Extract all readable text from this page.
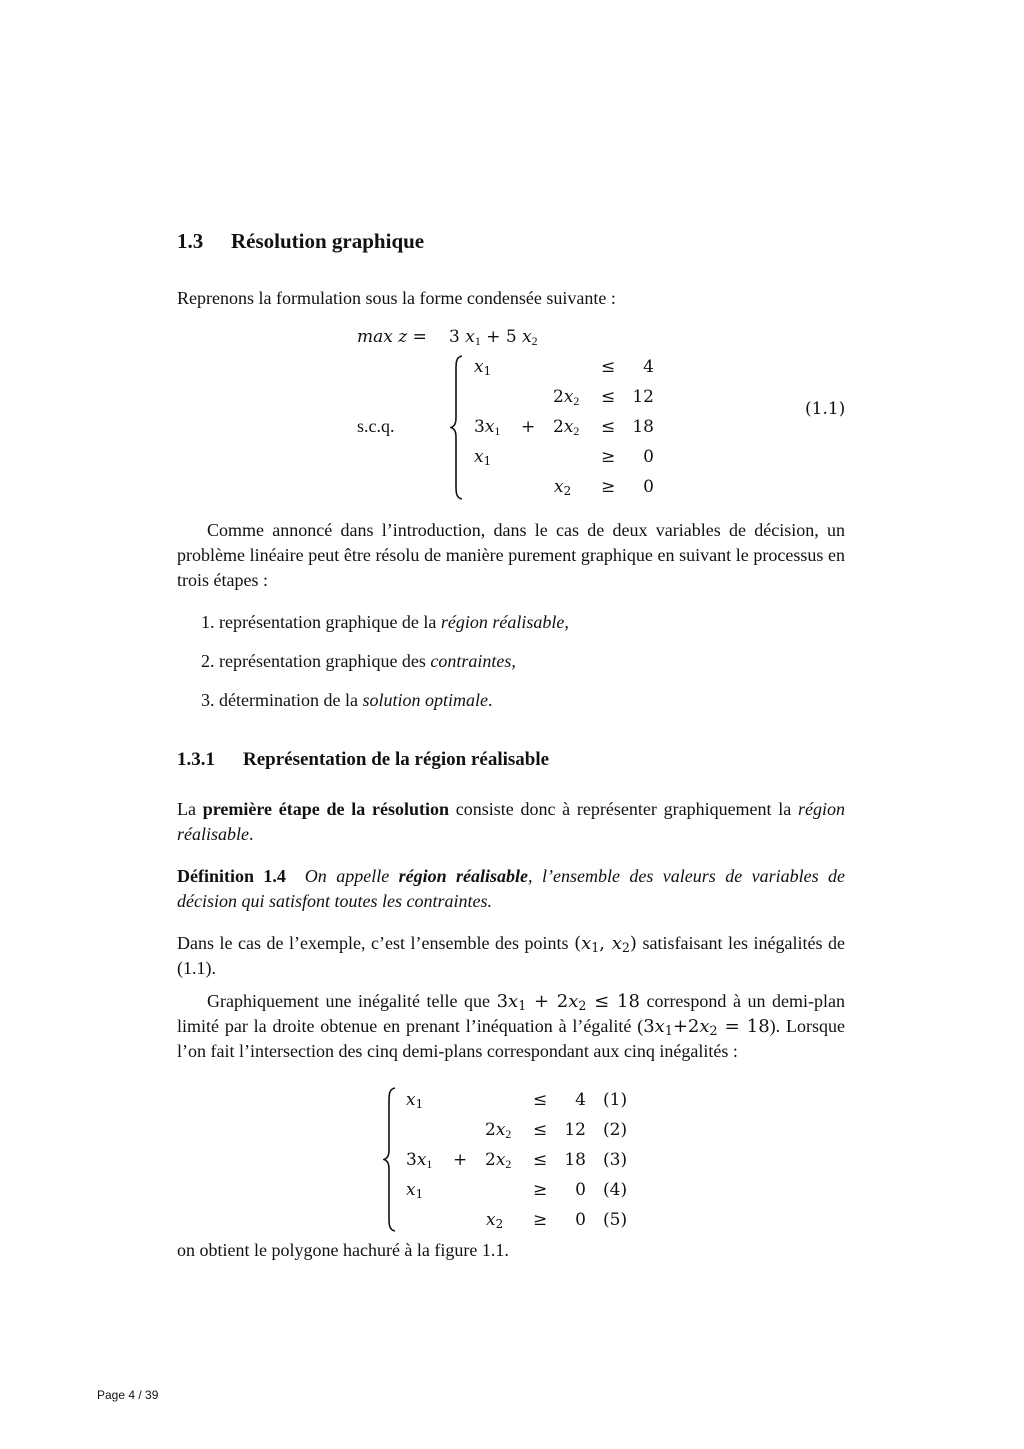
1.3 Résolution graphique
Reprenons la formulation sous la forme condensée suivante :
max z = 3 $x_1 + 5$ $x_2$
s.c.q.
$x_1$	≤	4
$2x_2$ ≤	12
$3x_1 + 2x_2$ ≤	18
$x_1$	≥	0
$x_2$ ≥	0
(1.1)
Comme annoncé dans l’introduction, dans le cas de deux variables de décision, un problème linéaire peut être résolu de manière purement graphique en suivant le processus en trois étapes :
1. représentation graphique de la région réalisable,
2. représentation graphique des contraintes,
3. détermination de la solution optimale.
1.3.1 Représentation de la région réalisable
La première étape de la résolution consiste donc à représenter graphiquement la région réalisable.
Définition 1.4 On appelle région réalisable, l’ensemble des valeurs de variables de décision qui satisfont toutes les contraintes.
Dans le cas de l’exemple, c’est l’ensemble des points ($x_1$, $x_2$) satisfaisant les inégalités de (1.1).
Graphiquement une inégalité telle que $3x_1 + 2x_2 \le 18$ correspond à un demi-plan limité par la droite obtenue en prenant l’inéquation à l’égalité $(3x_1+2x_2 = 18)$. Lorsque l’on fait l’intersection des cinq demi-plans correspondant aux cinq inégalités :
$x_1$	≤	4 (1)
$2x_2$ ≤	12 (2)
$3x_1 + 2x_2$ ≤	18 (3)
$x_1$	≥	0 (4)
$x_2$ ≥	0 (5)
on obtient le polygone hachuré à la figure 1.1.
Page 4 / 39
